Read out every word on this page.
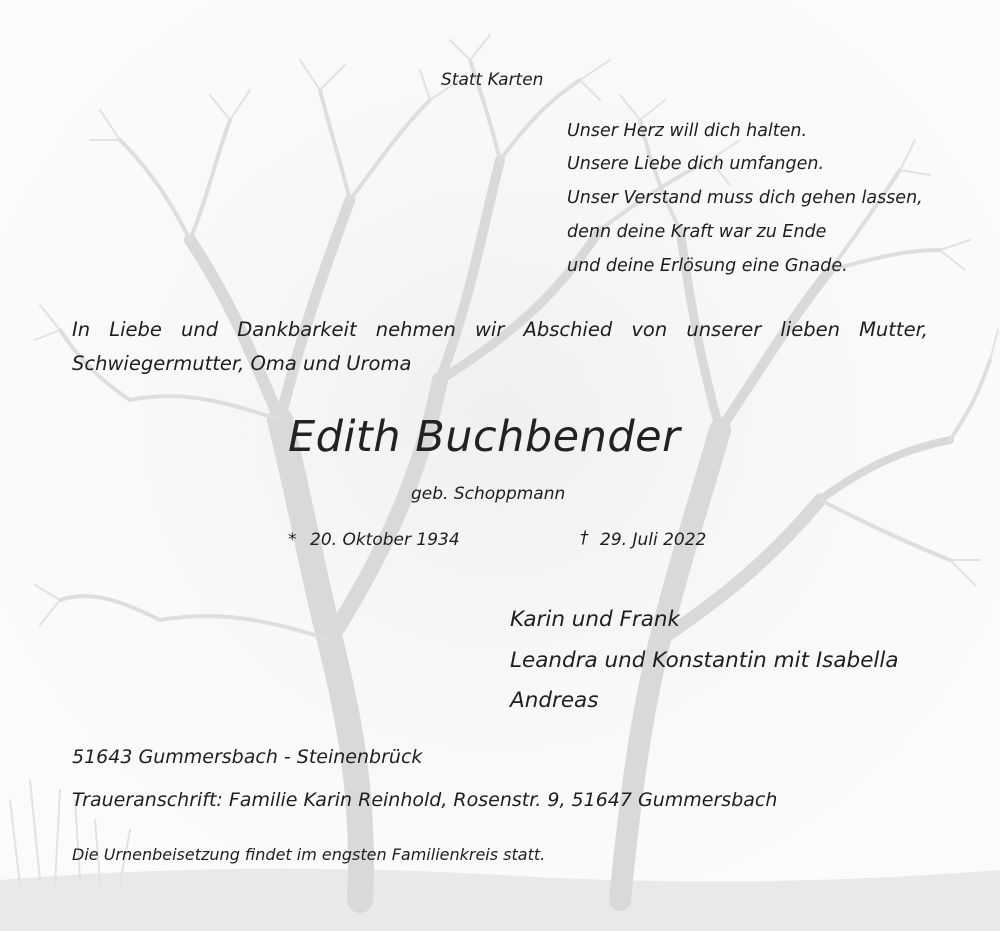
Statt Karten
Unser Herz will dich halten.
Unsere Liebe dich umfangen.
Unser Verstand muss dich gehen lassen,
denn deine Kraft war zu Ende
und deine Erlösung eine Gnade.
In Liebe und Dankbarkeit nehmen wir Abschied von unserer lieben Mutter,
Schwiegermutter, Oma und Uroma
Edith Buchbender
geb. Schoppmann
* 20. Oktober 1934	† 29. Juli 2022
Karin und Frank
Leandra und Konstantin mit Isabella
Andreas
51643 Gummersbach - Steinenbrück
Traueranschrift: Familie Karin Reinhold, Rosenstr. 9, 51647 Gummersbach
Die Urnenbeisetzung findet im engsten Familienkreis statt.
